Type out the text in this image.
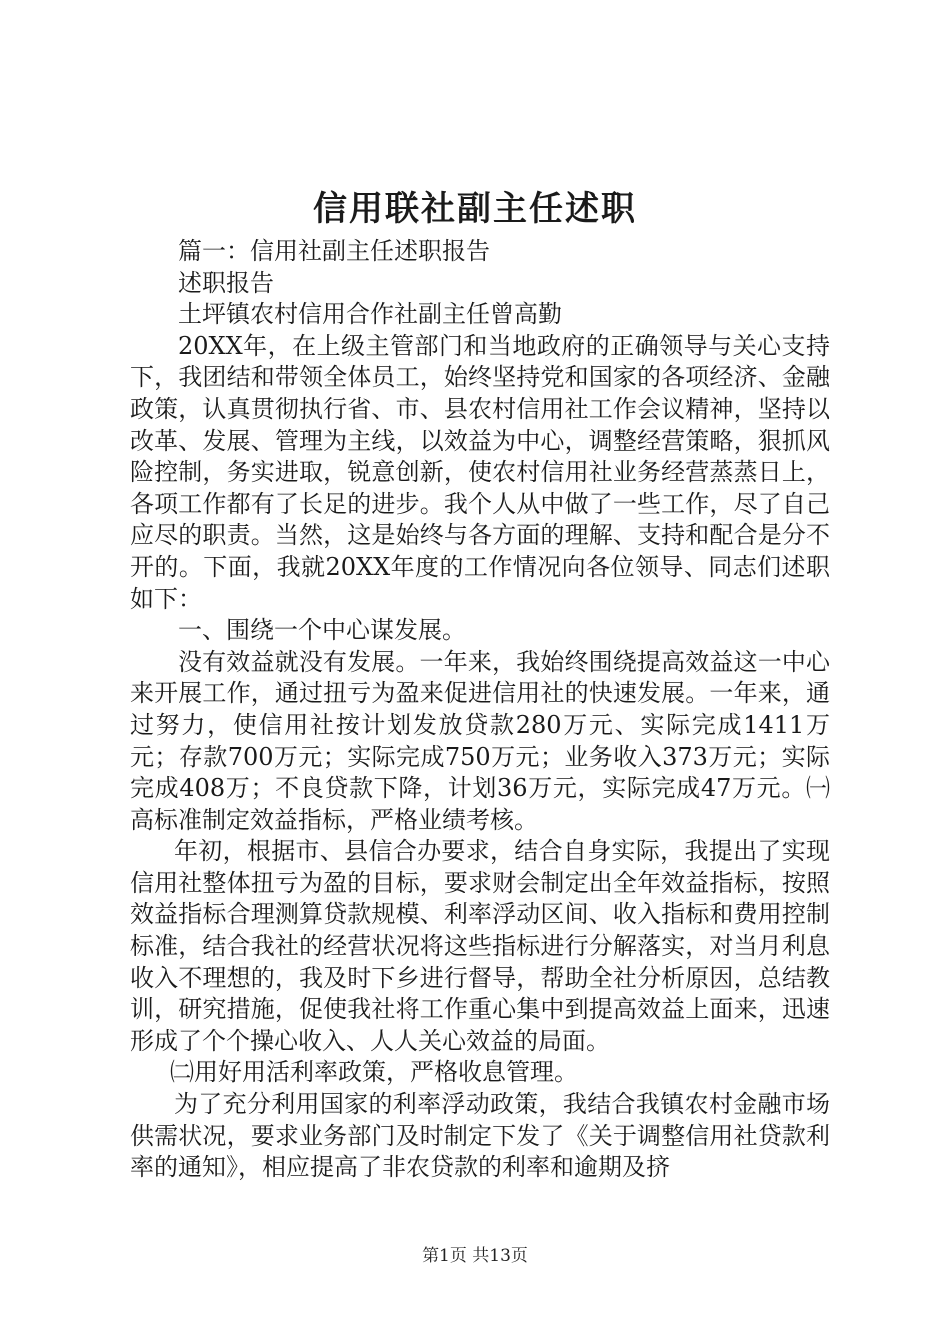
信用联社副主任述职

篇一：信用社副主任述职报告

述职报告

土坪镇农村信用合作社副主任曾高勤

20XX年，在上级主管部门和当地政府的正确领导与关心支持下，我团结和带领全体员工，始终坚持党和国家的各项经济、金融政策，认真贯彻执行省、市、县农村信用社工作会议精神，坚持以改革、发展、管理为主线，以效益为中心，调整经营策略，狠抓风险控制，务实进取，锐意创新，使农村信用社业务经营蒸蒸日上，各项工作都有了长足的进步。我个人从中做了一些工作，尽了自己应尽的职责。当然，这是始终与各方面的理解、支持和配合是分不开的。下面，我就20XX年度的工作情况向各位领导、同志们述职如下：

一、围绕一个中心谋发展。

没有效益就没有发展。一年来，我始终围绕提高效益这一中心来开展工作，通过扭亏为盈来促进信用社的快速发展。一年来，通过努力，使信用社按计划发放贷款280万元、实际完成1411万元；存款700万元；实际完成750万元；业务收入373万元；实际完成408万；不良贷款下降，计划36万元，实际完成47万元。㈠高标准制定效益指标，严格业绩考核。

年初，根据市、县信合办要求，结合自身实际，我提出了实现信用社整体扭亏为盈的目标，要求财会制定出全年效益指标，按照效益指标合理测算贷款规模、利率浮动区间、收入指标和费用控制标准，结合我社的经营状况将这些指标进行分解落实，对当月利息收入不理想的，我及时下乡进行督导，帮助全社分析原因，总结教训，研究措施，促使我社将工作重心集中到提高效益上面来，迅速形成了个个操心收入、人人关心效益的局面。

㈡用好用活利率政策，严格收息管理。

为了充分利用国家的利率浮动政策，我结合我镇农村金融市场供需状况，要求业务部门及时制定下发了《关于调整信用社贷款利率的通知》，相应提高了非农贷款的利率和逾期及挤

第1页 共13页
